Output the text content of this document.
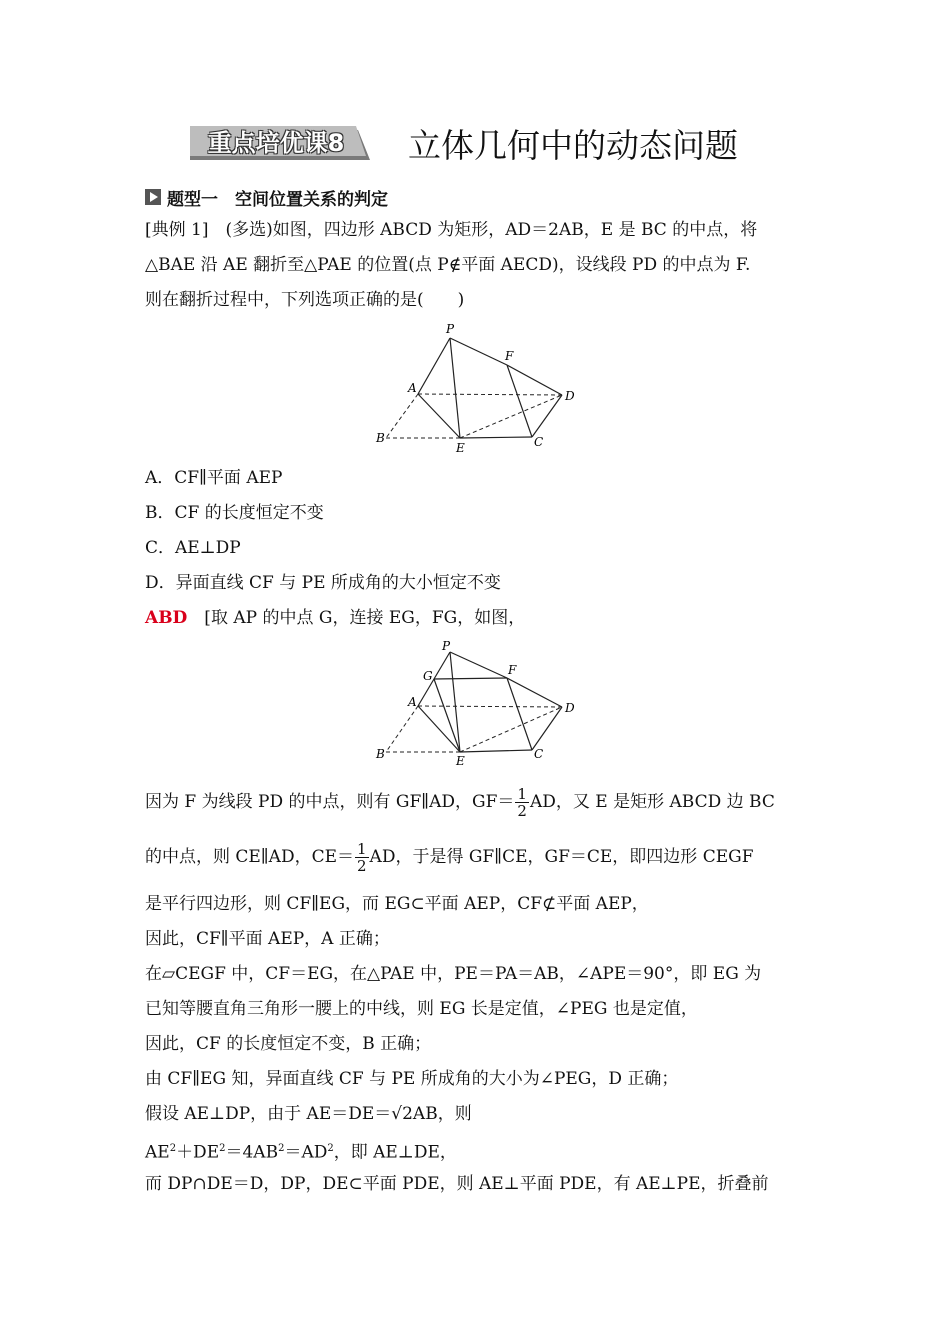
重点培优课8	立体几何中的动态问题
题型一　空间位置关系的判定
[典例 1]　(多选)如图，四边形 ABCD 为矩形，AD＝2AB，E 是 BC 的中点，将
△BAE 沿 AE 翻折至△PAE 的位置(点 P∉平面 AECD)，设线段 PD 的中点为 F.
则在翻折过程中，下列选项正确的是(　　)
P
F
A
D
B
E	C
A．CF∥平面 AEP
B．CF 的长度恒定不变
C．AE⊥DP
D．异面直线 CF 与 PE 所成角的大小恒定不变
ABD　[取 AP 的中点 G，连接 EG，FG，如图，
P
G	F
A	D
B	E	C
因为 F 为线段 PD 的中点，则有 GF∥AD，$GF= \frac{1}{2}$ AD，又 E 是矩形 ABCD 边 BC
的中点，则 CE∥AD，$CE= \frac{1}{2}$ AD，于是得 GF∥CE，GF＝CE，即四边形 CEGF
是平行四边形，则 CF∥EG，而 EG⊂平面 AEP，CF⊄平面 AEP，
因此，CF∥平面 AEP，A 正确；
在▱CEGF 中，CF＝EG，在△PAE 中，PE＝PA＝AB，∠APE＝90°，即 EG 为
已知等腰直角三角形一腰上的中线，则 EG 长是定值，∠PEG 也是定值，
因此，CF 的长度恒定不变，B 正确；
由 CF∥EG 知，异面直线 CF 与 PE 所成角的大小为∠PEG，D 正确；
假设 AE⊥DP，由于 AE＝DE＝√2AB，则
$AE^2+DE^2=4AB^2=AD^2$，即 AE⊥DE，
而 DP∩DE＝D，DP，DE⊂平面 PDE，则 AE⊥平面 PDE，有 AE⊥PE，折叠前
